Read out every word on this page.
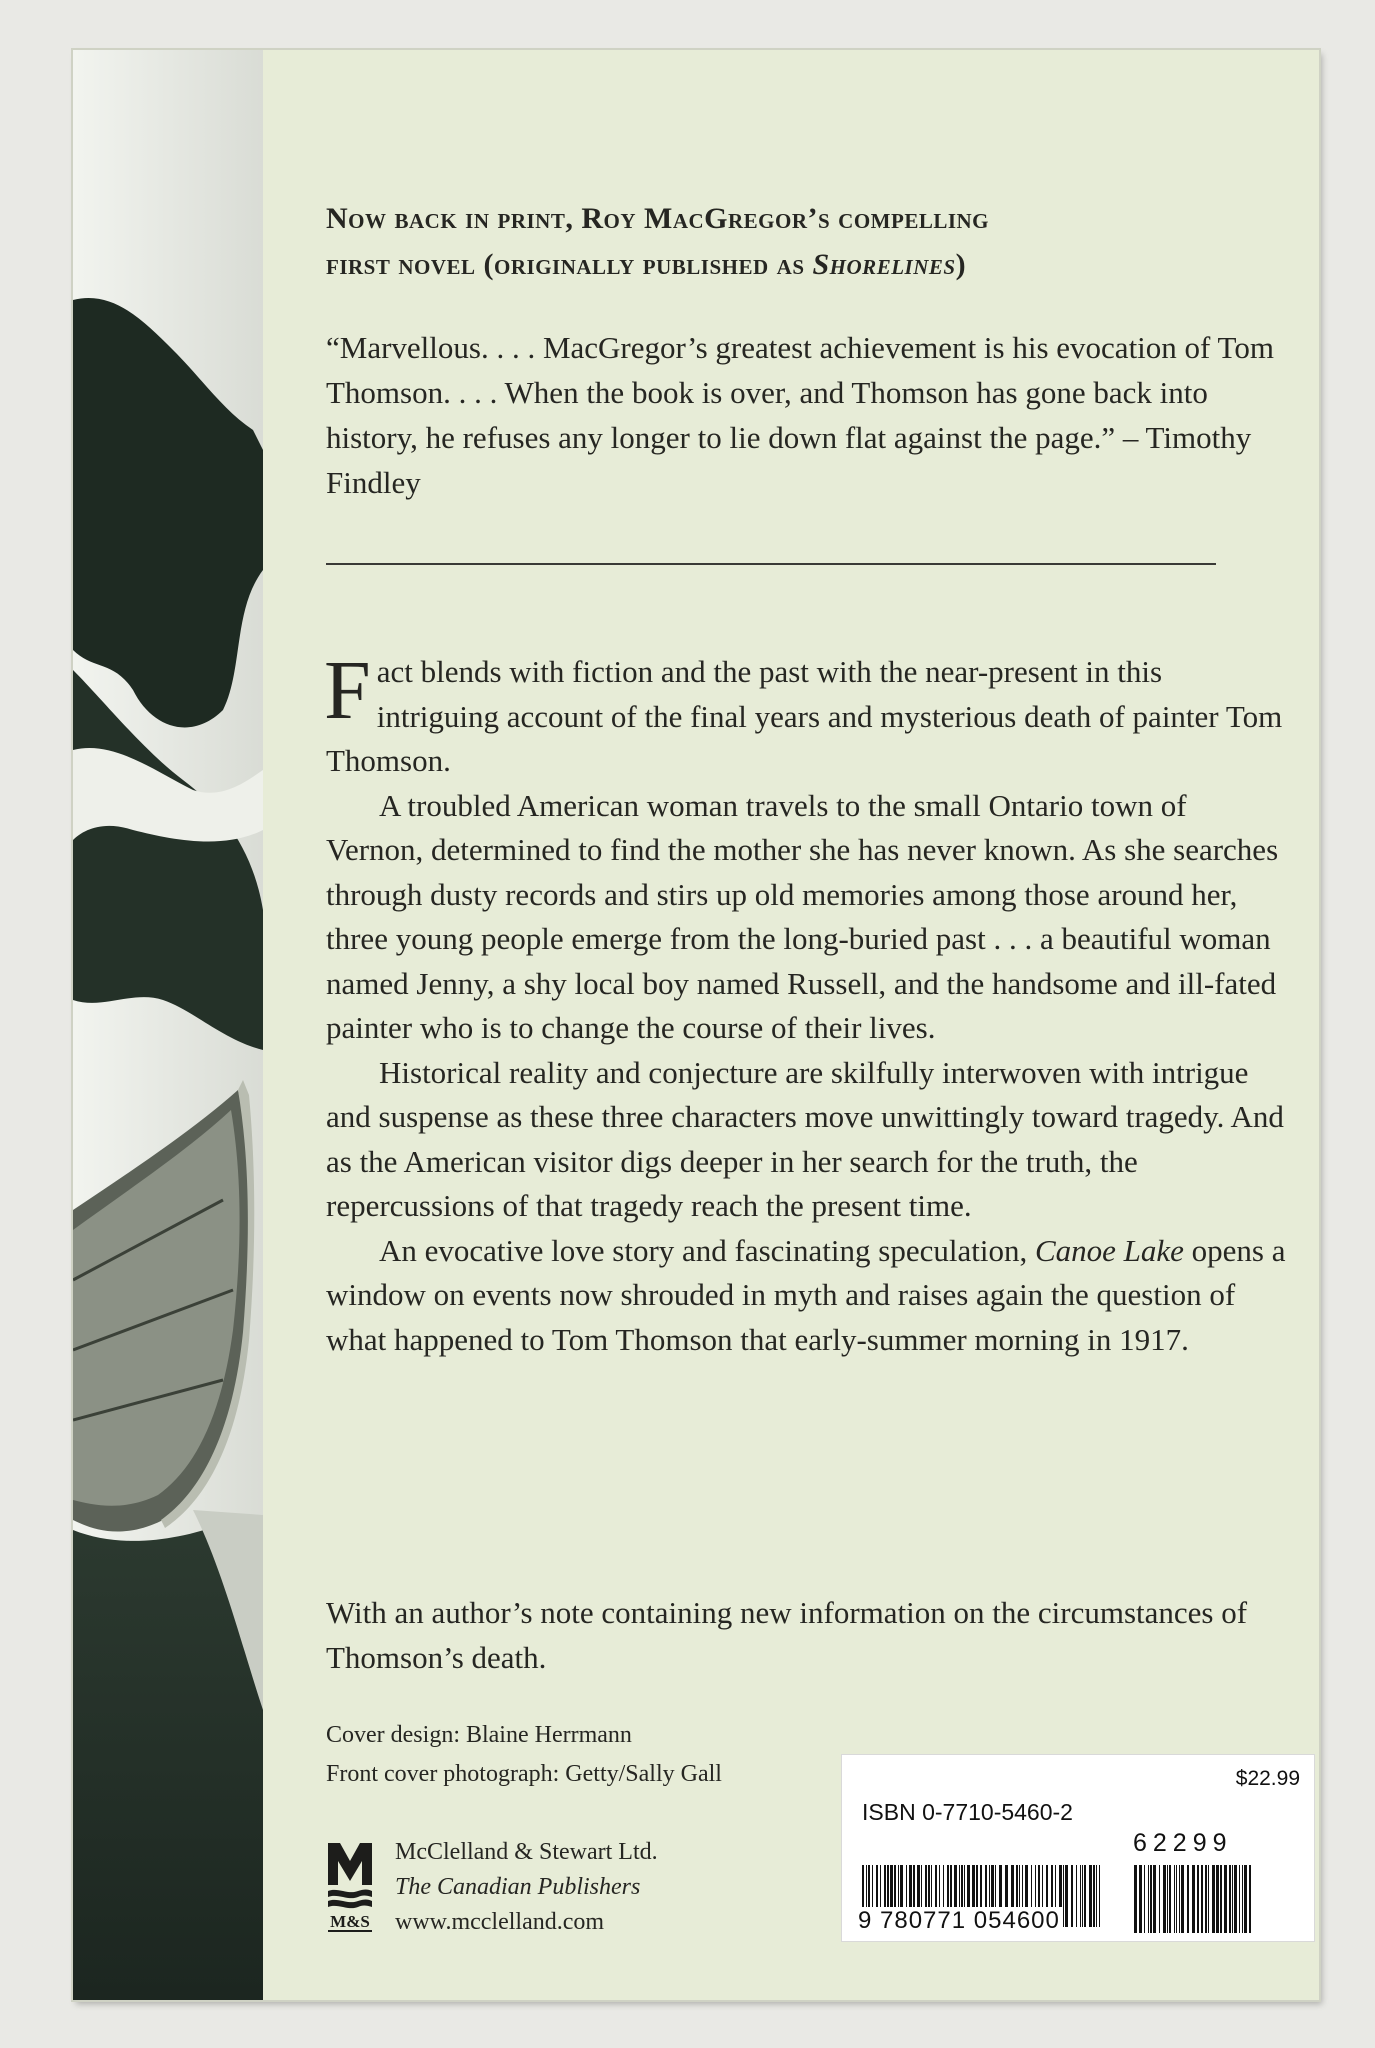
Now back in print, Roy MacGregor’s compelling
first novel (originally published as Shorelines)

“Marvellous. . . . MacGregor’s greatest achievement is his evocation of Tom Thomson. . . . When the book is over, and Thomson has gone back into history, he refuses any longer to lie down flat against the page.” – Timothy Findley

Fact blends with fiction and the past with the near-present in this intriguing account of the final years and mysterious death of painter Tom Thomson.

A troubled American woman travels to the small Ontario town of Vernon, determined to find the mother she has never known. As she searches through dusty records and stirs up old memories among those around her, three young people emerge from the long-buried past . . . a beautiful woman named Jenny, a shy local boy named Russell, and the handsome and ill-fated painter who is to change the course of their lives.

Historical reality and conjecture are skilfully interwoven with intrigue and suspense as these three characters move unwittingly toward tragedy. And as the American visitor digs deeper in her search for the truth, the repercussions of that tragedy reach the present time.

An evocative love story and fascinating speculation, Canoe Lake opens a window on events now shrouded in myth and raises again the question of what happened to Tom Thomson that early-summer morning in 1917.

With an author’s note containing new information on the circumstances of Thomson’s death.

Cover design: Blaine Herrmann
Front cover photograph: Getty/Sally Gall
M&S
McClelland & Stewart Ltd.
The Canadian Publishers
www.mcclelland.com
$22.99
ISBN 0-7710-5460-2
62299
9 780771 054600
